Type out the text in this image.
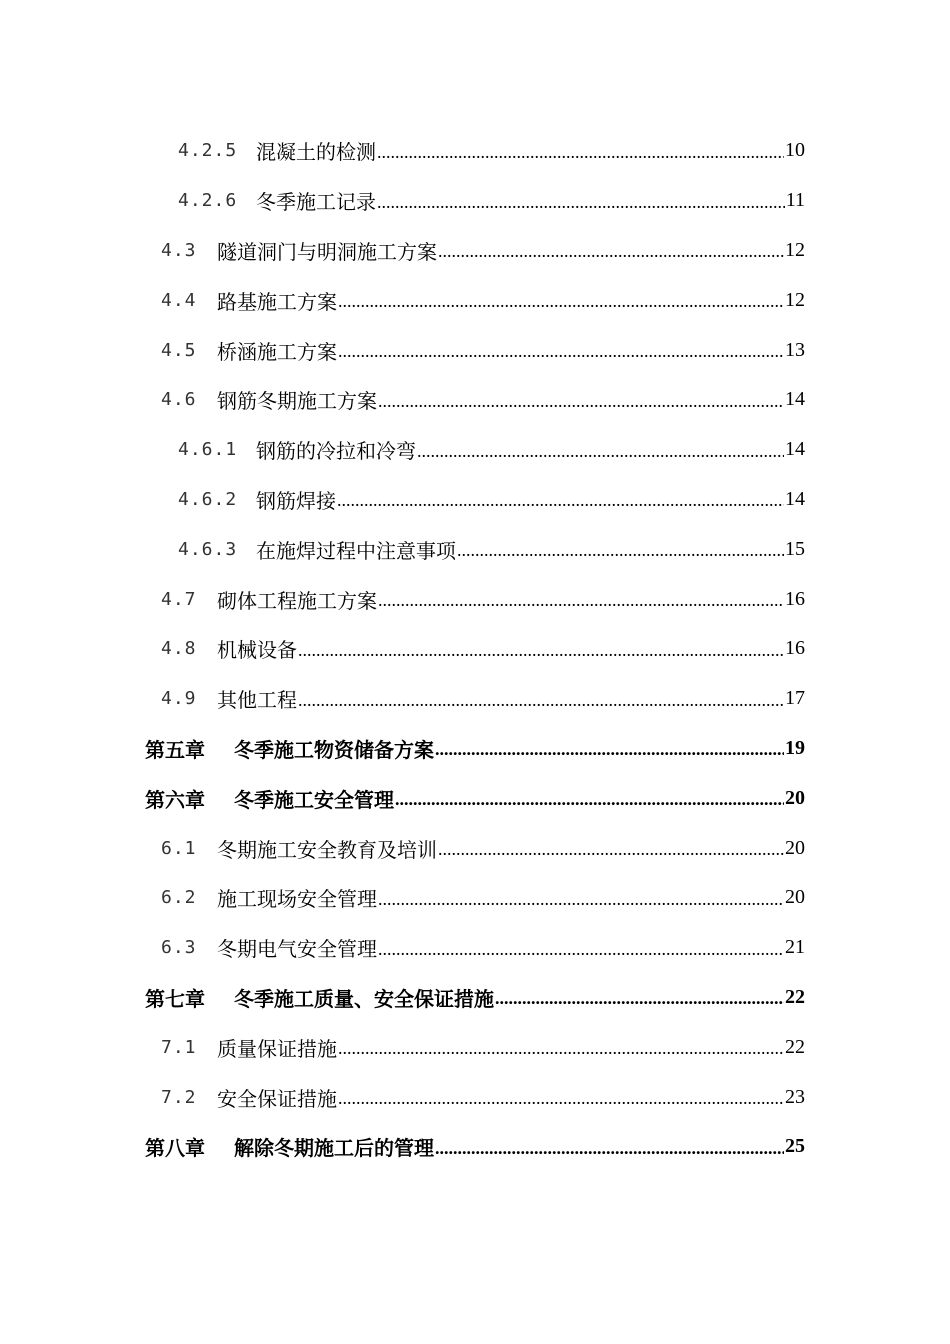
4.2.5 混凝土的检测 .....	10
4.2.6 冬季施工记录 .....	11
4.3	隧道洞门与明洞施工方案 .....	12
4.4	路基施工方案 .....	12
4.5	桥涵施工方案 .....	13
4.6	钢筋冬期施工方案 .....	14
4.6.1 钢筋的冷拉和冷弯 .....	14
4.6.2 钢筋焊接 .....	14
4.6.3 在施焊过程中注意事项 .....	15
4.7	砌体工程施工方案 .....	16
4.8	机械设备 .....	16
4.9	其他工程 .....	17
第五章	冬季施工物资储备方案 .....	19
第六章	冬季施工安全管理 .....	20
6.1	冬期施工安全教育及培训 .....	20
6.2	施工现场安全管理 .....	20
6.3	冬期电气安全管理 .....	21
第七章	冬季施工质量、安全保证措施 .....	22
7.1	质量保证措施 .....	22
7.2	安全保证措施 .....	23
第八章	解除冬期施工后的管理 .....	25
